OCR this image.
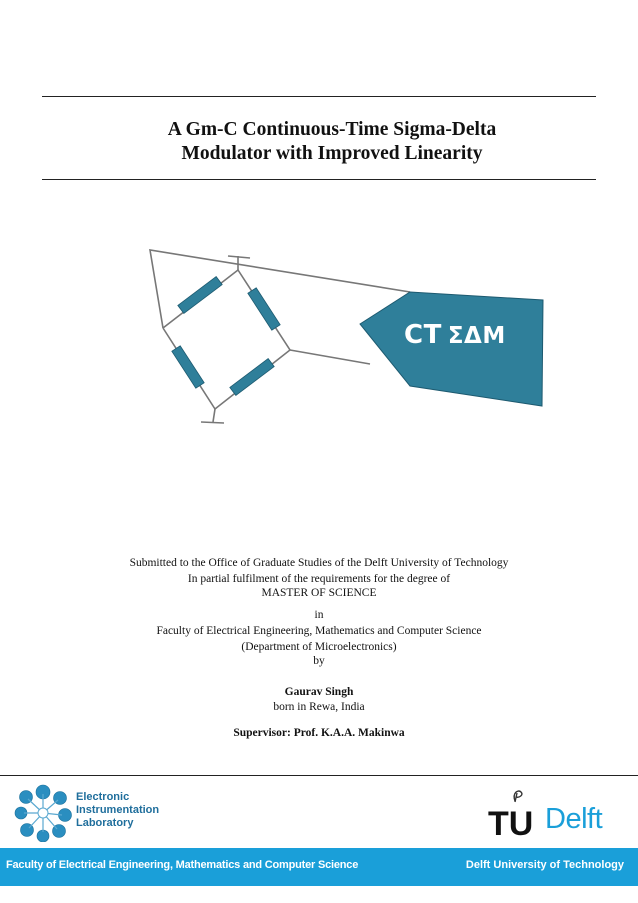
A Gm-C Continuous-Time Sigma-Delta
Modulator with Improved Linearity
CT ΣΔM
Submitted to the Office of Graduate Studies of the Delft University of Technology
In partial fulfilment of the requirements for the degree of
MASTER OF SCIENCE
in
Faculty of Electrical Engineering, Mathematics and Computer Science
(Department of Microelectronics)
by
Gaurav Singh
born in Rewa, India
Supervisor: Prof. K.A.A. Makinwa
Electronic
Instrumentation
Laboratory	TU Delft
Faculty of Electrical Engineering, Mathematics and Computer Science	Delft University of Technology
